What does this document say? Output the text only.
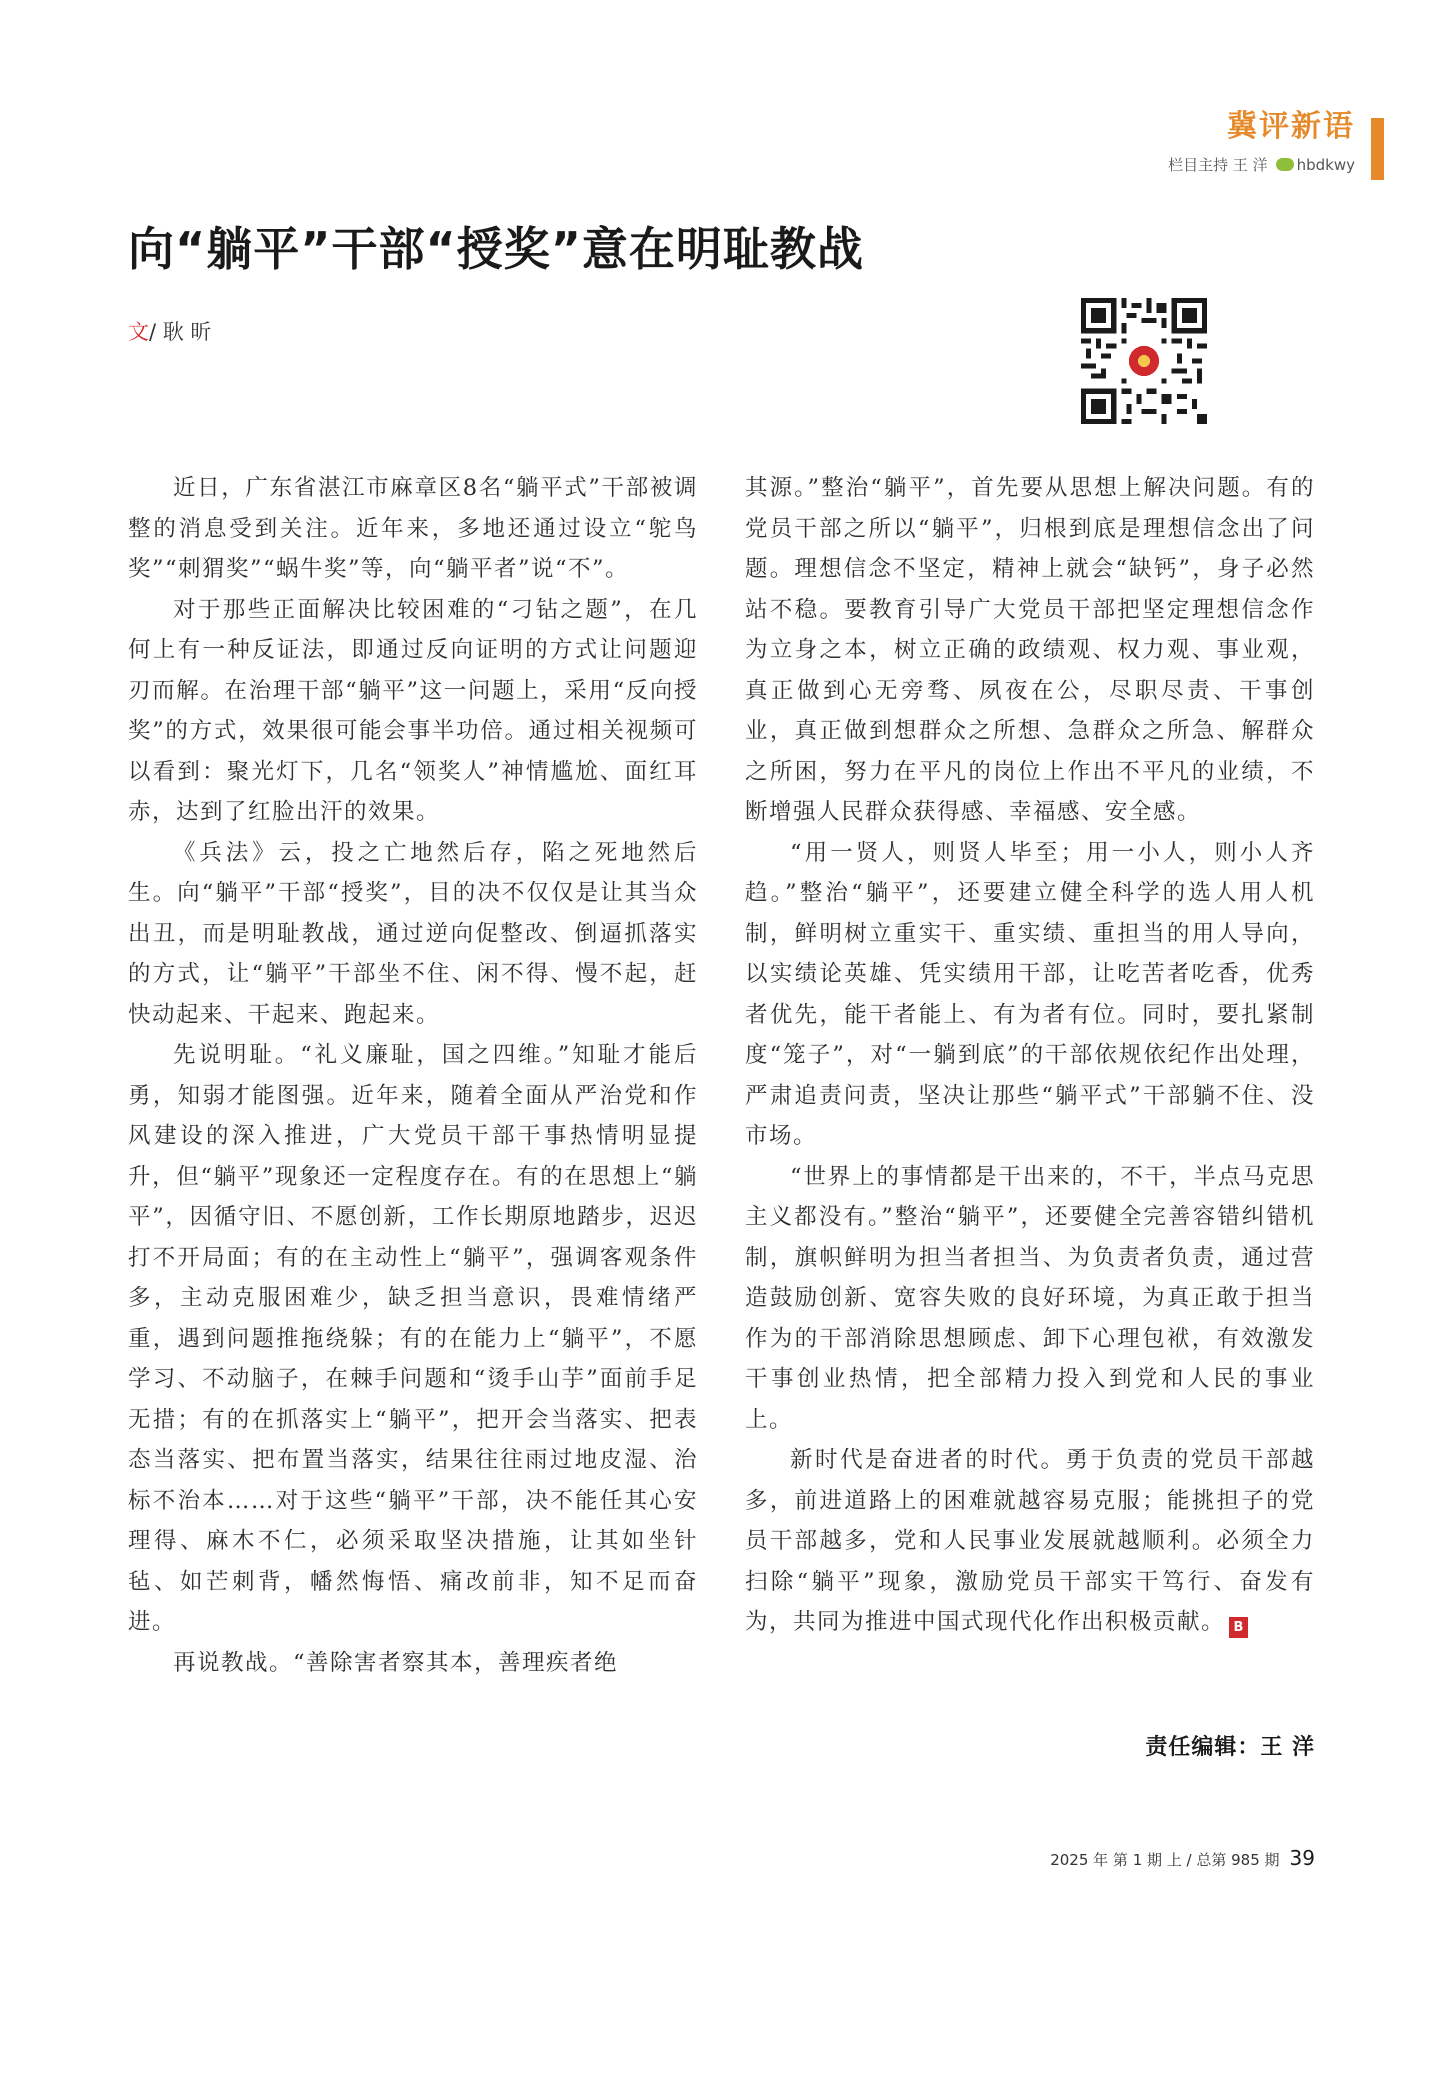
冀评新语
栏目主持 王 洋 hbdkwy
向“躺平”干部“授奖”意在明耻教战
文/ 耿 昕

近日，广东省湛江市麻章区8名“躺平式”干部被调整的消息受到关注。近年来，多地还通过设立“鸵鸟奖”“刺猬奖”“蜗牛奖”等，向“躺平者”说“不”。

对于那些正面解决比较困难的“刁钻之题”，在几何上有一种反证法，即通过反向证明的方式让问题迎刃而解。在治理干部“躺平”这一问题上，采用“反向授奖”的方式，效果很可能会事半功倍。通过相关视频可以看到：聚光灯下，几名“领奖人”神情尴尬、面红耳赤，达到了红脸出汗的效果。

《兵法》云，投之亡地然后存，陷之死地然后生。向“躺平”干部“授奖”，目的决不仅仅是让其当众出丑，而是明耻教战，通过逆向促整改、倒逼抓落实的方式，让“躺平”干部坐不住、闲不得、慢不起，赶快动起来、干起来、跑起来。

先说明耻。“礼义廉耻，国之四维。”知耻才能后勇，知弱才能图强。近年来，随着全面从严治党和作风建设的深入推进，广大党员干部干事热情明显提升，但“躺平”现象还一定程度存在。有的在思想上“躺平”，因循守旧、不愿创新，工作长期原地踏步，迟迟打不开局面；有的在主动性上“躺平”，强调客观条件多，主动克服困难少，缺乏担当意识，畏难情绪严重，遇到问题推拖绕躲；有的在能力上“躺平”，不愿学习、不动脑子，在棘手问题和“烫手山芋”面前手足无措；有的在抓落实上“躺平”，把开会当落实、把表态当落实、把布置当落实，结果往往雨过地皮湿、治标不治本……对于这些“躺平”干部，决不能任其心安理得、麻木不仁，必须采取坚决措施，让其如坐针毡、如芒刺背，幡然悔悟、痛改前非，知不足而奋进。

再说教战。“善除害者察其本，善理疾者绝

其源。”整治“躺平”，首先要从思想上解决问题。有的党员干部之所以“躺平”，归根到底是理想信念出了问题。理想信念不坚定，精神上就会“缺钙”，身子必然站不稳。要教育引导广大党员干部把坚定理想信念作为立身之本，树立正确的政绩观、权力观、事业观，真正做到心无旁骛、夙夜在公，尽职尽责、干事创业，真正做到想群众之所想、急群众之所急、解群众之所困，努力在平凡的岗位上作出不平凡的业绩，不断增强人民群众获得感、幸福感、安全感。

“用一贤人，则贤人毕至；用一小人，则小人齐趋。”整治“躺平”，还要建立健全科学的选人用人机制，鲜明树立重实干、重实绩、重担当的用人导向，以实绩论英雄、凭实绩用干部，让吃苦者吃香，优秀者优先，能干者能上、有为者有位。同时，要扎紧制度“笼子”，对“一躺到底”的干部依规依纪作出处理，严肃追责问责，坚决让那些“躺平式”干部躺不住、没市场。

“世界上的事情都是干出来的，不干，半点马克思主义都没有。”整治“躺平”，还要健全完善容错纠错机制，旗帜鲜明为担当者担当、为负责者负责，通过营造鼓励创新、宽容失败的良好环境，为真正敢于担当作为的干部消除思想顾虑、卸下心理包袱，有效激发干事创业热情，把全部精力投入到党和人民的事业上。

新时代是奋进者的时代。勇于负责的党员干部越多，前进道路上的困难就越容易克服；能挑担子的党员干部越多，党和人民事业发展就越顺利。必须全力扫除“躺平”现象，激励党员干部实干笃行、奋发有为，共同为推进中国式现代化作出积极贡献。 B

责任编辑：王 洋
2025 年 第 1 期 上 / 总第 985 期 39
